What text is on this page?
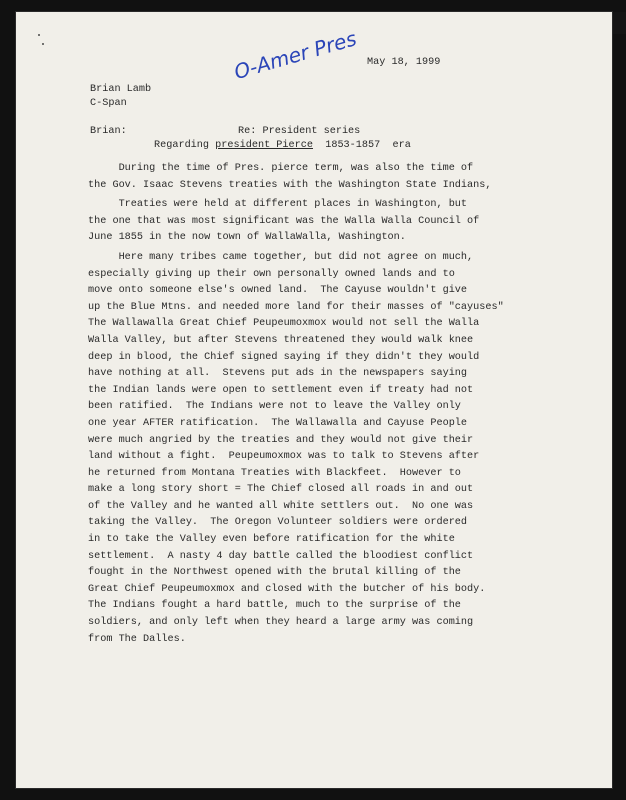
O-Amer Pres May 18, 1999

Brian Lamb

C-Span

Brian:	Re: President series

Regarding president Pierce 1853-1857 era

During the time of Pres. pierce term, was also the time of

the Gov. Isaac Stevens treaties with the Washington State Indians,

Treaties were held at different places in Washington, but

the one that was most significant was the Walla Walla Council of

June 1855 in the now town of WallaWalla, Washington.

Here many tribes came together, but did not agree on much,

especially giving up their own personally owned lands and to

move onto someone else's owned land.  The Cayuse wouldn't give

up the Blue Mtns. and needed more land for their masses of "cayuses"

The Wallawalla Great Chief Peupeumoxmox would not sell the Walla

Walla Valley, but after Stevens threatened they would walk knee

deep in blood, the Chief signed saying if they didn't they would

have nothing at all.  Stevens put ads in the newspapers saying

the Indian lands were open to settlement even if treaty had not

been ratified.  The Indians were not to leave the Valley only

one year AFTER ratification.  The Wallawalla and Cayuse People

were much angried by the treaties and they would not give their

land without a fight.  Peupeumoxmox was to talk to Stevens after

he returned from Montana Treaties with Blackfeet.  However to

make a long story short = The Chief closed all roads in and out

of the Valley and he wanted all white settlers out.  No one was

taking the Valley.  The Oregon Volunteer soldiers were ordered

in to take the Valley even before ratification for the white

settlement.  A nasty 4 day battle called the bloodiest conflict

fought in the Northwest opened with the brutal killing of the

Great Chief Peupeumoxmox and closed with the butcher of his body.

The Indians fought a hard battle, much to the surprise of the

soldiers, and only left when they heard a large army was coming

from The Dalles.
